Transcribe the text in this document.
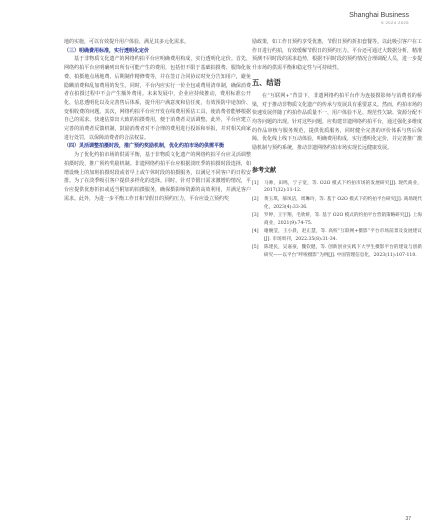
Shanghai Business
5 2024 2025

地的实施，可以有效提升用户体验，满足其多元化需求。

（三）明确费用标准，实行透明化定价

基于非物质文化遗产的网络约拍平台应明确费用构成，实行透明化定价。首先，网络约拍平台应明确列出所有可能产生的费用，包括但不限于基础拍摄费、服饰化妆费、拍摄地点场地费、后期制作精修费等，并在签订合同协议时充分告知用户，避免隐瞒消费和乱加费用的发生。同时，平台内应实行一价全包或费用清单制，确保消费者在拍摄过程中不会产生额外费用。未来发展中，企业应持续推动，费用标准公开化、信息透明化以及完善售后体系，提升用户满意度和信任度，有效预防中途加价、变相收费的问题。其次，网络约拍平台应开发在线费用预估工具，使消费者能够根据自己的需求，快速估算出大致的拍摄费用，便于消费者灵活调整。此外，平台应建立完善的消费者反馈机制，鼓励消费者对不合理的费用进行投诉和举报，并对相关商家进行处罚，以保障消费者的合法权益。

（四）灵活调整拍摄时段，推广预约奖励机制，优化约拍市场的供需平衡

为了优化约拍市场的供需平衡，基于非物质文化遗产的网络约拍平台应灵活调整拍摄时段，推广预约奖励机制。非遗网络约拍平台应根据淡旺季的拍摄时段选择，如增设晚上的加班拍摄时段或者早上或午休时段的拍摄服务，以满足不同客户的日程安排。为了在淡季吸引客户提供多样化的选择。同时，针对节假日需求激增的情况，平台应提供优惠折扣或适当附加的拍摄服务，确保摄影师资源的高效利用，并满足客户需求。此外，为进一步平衡工作日和节假日的预约压力，平台应设立预约奖

励政策，如工作日预约享受优惠，节假日预约折扣套餐等。以此吸引客户在工作日进行约拍，有效缓解节假日的预约压力。平台还可通过大数据分析，精准预测不同时段的需求趋势，根据不同时段的预约情况合理调配人员，进一步提升市场的供需平衡和稳定性与可持续性。

五、结语

在“互联网+”背景下，非遗网络约拍平台作为连接摄影师与消费者的桥梁，对于推动非物质文化遗产的传承与发展具有重要意义。然而，约拍市场的快速发展伴随了约拍作品质量不一、用户体验不足、规范性欠缺、资源分配不均等问题的出现。针对这些问题，应构建非遗网络约拍平台，通过强化多维度的作品审核与服务规范，提供优质服务，同时健全完善的评价体系与售后保障，优化线上线下互动体验，明确费用构成，实行透明化定价，并完善推广激励机制与预约系统，推动非遗网络约拍市场实现长远健康发展。

参考文献
[1]	马帅，田鸣，宁子宽，等. O2O 模式下约拍市场的发展研究[J]. 现代商业，2017(32):11-12.
[2]	黄玉琪，郝凤洁，周琳玲，等. 基于 O2O 模式下的约拍平台研究[J]. 商场现代化，2023(4):33-36.
[3]	罗婷，王宇翔，毛欣妍，等. 基于 O2O 模式的约拍平台营销策略研究[J]. 上海商业，2021(9):74-75.
[4]	谢婉莹，王小晨，赵正慧，等. 高校“互联网+摄影”平台市场前景及发展建议[J]. 市场周刊，2022.35(8):31-34.
[5]	陈建民，吴嘉豪，魏钦健，等. 创新创业实践下大学生摄影平台的建设与创新研究——以平台“呼啦摄影”为例[J]. 中国管理信息化，2023(11):107-110.
37
